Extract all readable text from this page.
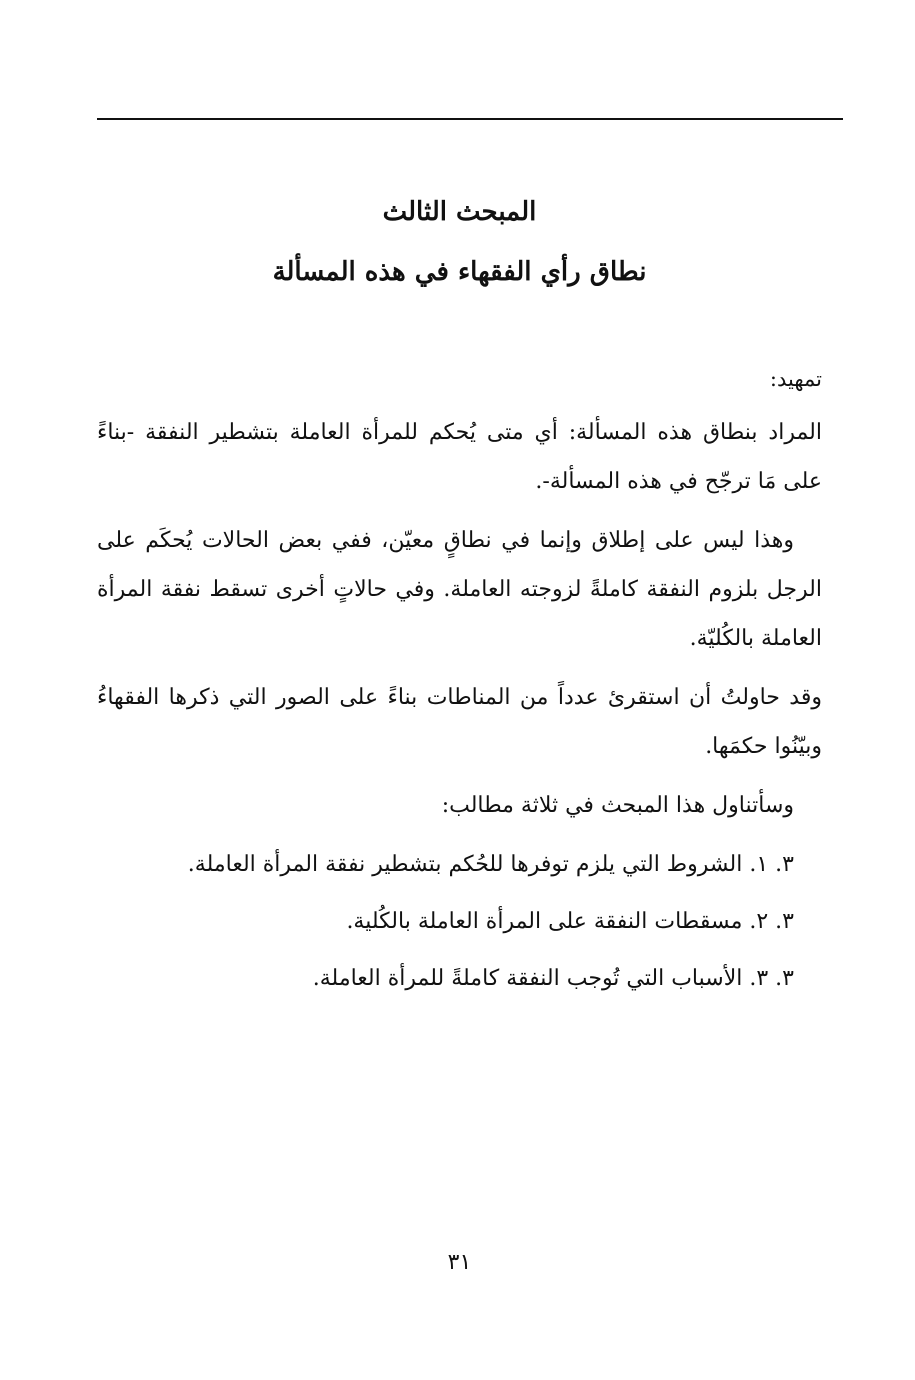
المبحث الثالث
نطاق رأي الفقهاء في هذه المسألة
تمهيد:

المراد بنطاق هذه المسألة: أي متى يُحكم للمرأة العاملة بتشطير النفقة -بناءً على مَا ترجّح في هذه المسألة-.

وهذا ليس على إطلاق وإنما في نطاقٍ معيّن، ففي بعض الحالات يُحكَم على الرجل بلزوم النفقة كاملةً لزوجته العاملة. وفي حالاتٍ أخرى تسقط نفقة المرأة العاملة بالكُليّة.

وقد حاولتُ أن استقرئ عدداً من المناطات بناءً على الصور التي ذكرها الفقهاءُ وبيّنُوا حكمَها.

وسأتناول هذا المبحث في ثلاثة مطالب:

٣. ١. الشروط التي يلزم توفرها للحُكم بتشطير نفقة المرأة العاملة.
٣. ٢. مسقطات النفقة على المرأة العاملة بالكُلية.
٣. ٣. الأسباب التي تُوجب النفقة كاملةً للمرأة العاملة.
٣١
